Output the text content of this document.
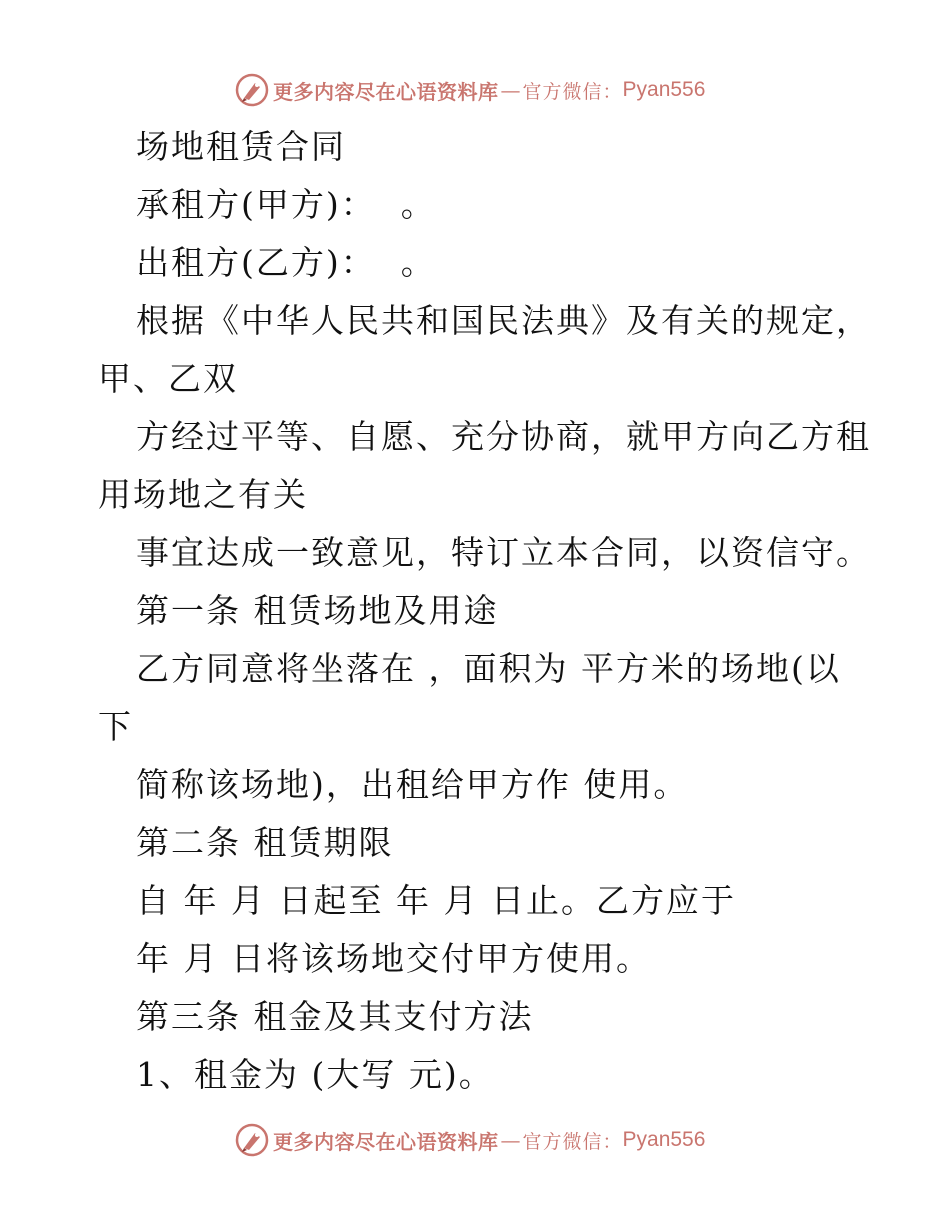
更多内容尽在心语资料库 — 官方微信： Pyan556
场地租赁合同
承租方(甲方)：  。
出租方(乙方)：  。
根据《中华人民共和国民法典》及有关的规定，
甲、乙双
方经过平等、自愿、充分协商，就甲方向乙方租
用场地之有关
事宜达成一致意见，特订立本合同，以资信守。
第一条 租赁场地及用途
乙方同意将坐落在 ，面积为 平方米的场地(以
下
简称该场地)，出租给甲方作 使用。
第二条 租赁期限
自 年 月 日起至 年 月 日止。乙方应于
年 月 日将该场地交付甲方使用。
第三条 租金及其支付方法
1、租金为 (大写 元)。
更多内容尽在心语资料库 — 官方微信： Pyan556
